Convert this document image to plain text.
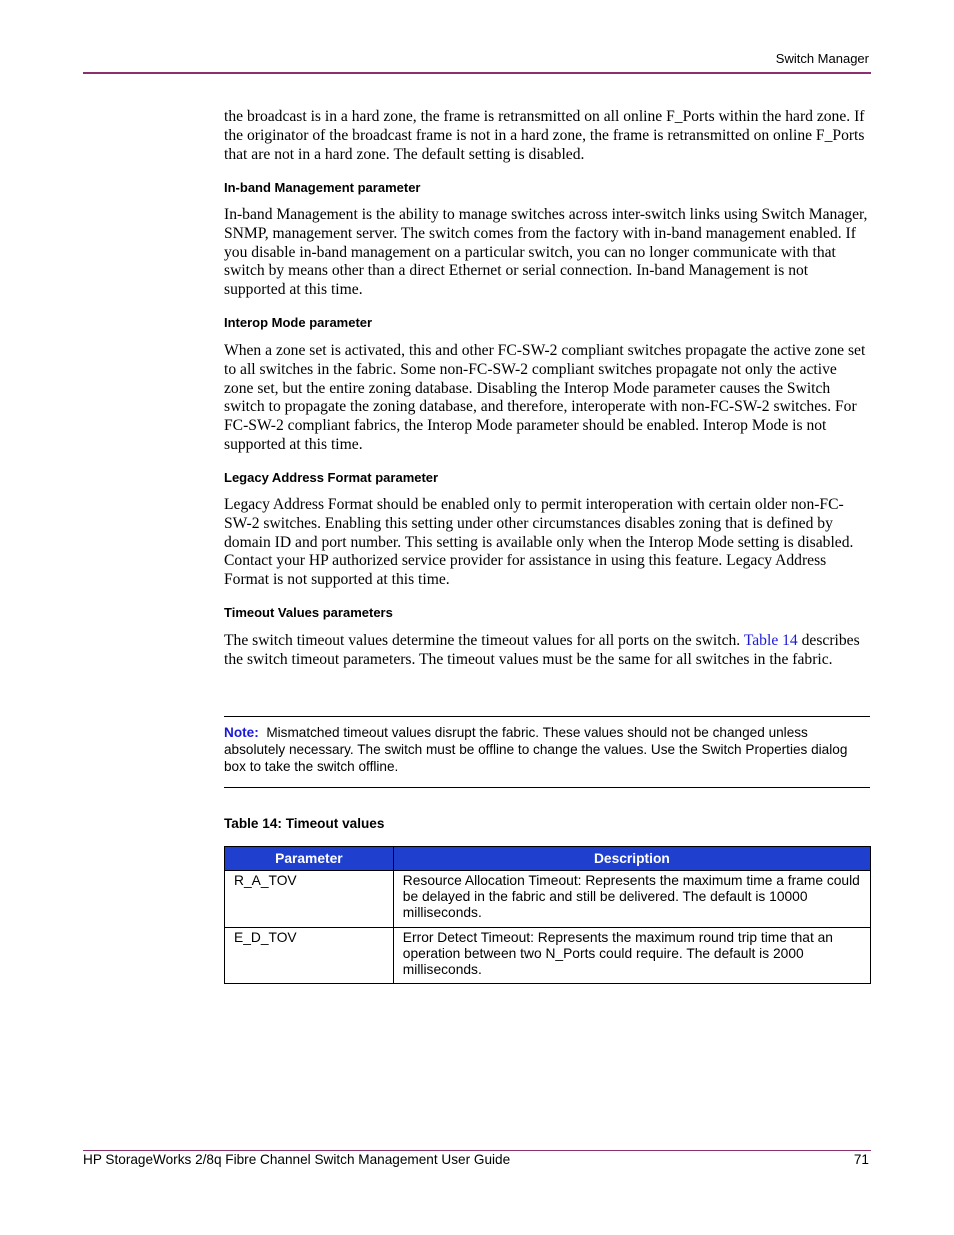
Switch Manager

the broadcast is in a hard zone, the frame is retransmitted on all online F_Ports within the hard zone. If the originator of the broadcast frame is not in a hard zone, the frame is retransmitted on online F_Ports that are not in a hard zone. The default setting is disabled.

In-band Management parameter

In-band Management is the ability to manage switches across inter-switch links using Switch Manager, SNMP, management server. The switch comes from the factory with in-band management enabled. If you disable in-band management on a particular switch, you can no longer communicate with that switch by means other than a direct Ethernet or serial connection. In-band Management is not supported at this time.

Interop Mode parameter

When a zone set is activated, this and other FC-SW-2 compliant switches propagate the active zone set to all switches in the fabric. Some non-FC-SW-2 compliant switches propagate not only the active zone set, but the entire zoning database. Disabling the Interop Mode parameter causes the Switch switch to propagate the zoning database, and therefore, interoperate with non-FC-SW-2 switches. For FC-SW-2 compliant fabrics, the Interop Mode parameter should be enabled. Interop Mode is not supported at this time.

Legacy Address Format parameter

Legacy Address Format should be enabled only to permit interoperation with certain older non-FC-SW-2 switches. Enabling this setting under other circumstances disables zoning that is defined by domain ID and port number. This setting is available only when the Interop Mode setting is disabled. Contact your HP authorized service provider for assistance in using this feature. Legacy Address Format is not supported at this time.

Timeout Values parameters

The switch timeout values determine the timeout values for all ports on the switch. Table 14 describes the switch timeout parameters. The timeout values must be the same for all switches in the fabric.

Note: Mismatched timeout values disrupt the fabric. These values should not be changed unless absolutely necessary. The switch must be offline to change the values. Use the Switch Properties dialog box to take the switch offline.

Table 14: Timeout values
Parameter	Description
R_A_TOV	Resource Allocation Timeout: Represents the maximum time a frame could be delayed in the fabric and still be delivered. The default is 10000 milliseconds.
E_D_TOV	Error Detect Timeout: Represents the maximum round trip time that an operation between two N_Ports could require. The default is 2000 milliseconds.
HP StorageWorks 2/8q Fibre Channel Switch Management User Guide	71
